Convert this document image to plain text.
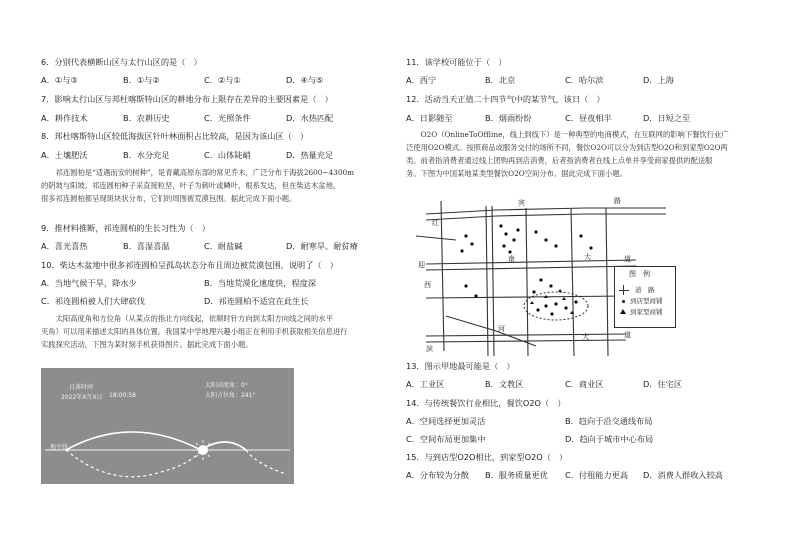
6．分别代表横断山区与太行山区的是（　）
A．①与③	B．①与②	C．②与①	D．④与⑤
7．影响太行山区与邦杜喀斯特山区的耕地分布上限存在差异的主要因素是（　）
A．耕作技术	B．农耕历史	C．光照条件	D．水热匹配
8．邦杜喀斯特山区较低海拔区针叶林面积占比较高，是因为该山区（　）
A．土壤肥沃	B．水分充足	C．山体陡峭	D．热量充足
　　祁连圆柏是“适遇而安的树种”，是青藏高原东部的常见乔木，广泛分布于海拔2600~4300m
的阴坡与阳坡。祁连圆柏种子采直接粒坚，叶子为刺叶或鳞叶，根系发达，但在柴达木盆地，
很多祁连圆柏都呈现斑块状分布，它们的周围被荒漠包围。据此完成下面小题。
9．推材料推断，祁连圆柏的生长习性为（　）
A．喜光喜热	B．喜湿喜温	C．耐盐碱	D．耐寒旱、耐贫瘠
10．柴达木盆地中很多祁连圆柏呈孤岛状态分布且周边被荒漠包围，说明了（　）
A．当地气候干旱，降水少	B．当地荒漠化速度快，程度深
C．祁连圆柏被人们大肆砍伐	D．祁连圆柏不适宜在此生长
　　太阳高度角和方位角（从某点的指北方向线起，依顺时针方向到太阳方向线之间的水平
夹角）可以用来描述太阳的具体位置。我国某中学地理兴趣小组正在利用手机获取相关信息进行
实践探究活动，下图为某时刻手机获得图片。据此完成下面小题。
日落时间
2022年X月X日 18:00:58
太阳高度角：0°
太阳方位角：241°
地平线
11．该学校可能位于（　）
A．西宁	B．北京	C．哈尔滨	D．上海
12．活动当天正值二十四节气中的某节气，该日（　）
A．日影随至	B．烟雨纷纷	C．昼夜相半	D．日短之至
　　O2O（OnlineToOffline，线上到线下）是一种典型的电商模式，在互联网的影响下餐饮行业广
泛使用O2O模式。按照商品或服务交付的场所不同，餐饮O2O可以分为到店型O2O和到家型O2O两
类。前者指消费者通过线上团购再到店消费，后者指消费者在线上点单并享受商家提供的配送服
务。下图为中国某地某类型餐饮O2O空间分布。据此完成下面小题。
红
路
南	大	道
滨
河
大	道
迎
西
宾
图　例
道　路
到店型商铺
到家型商铺
13．图示甲地最可能是（　）
A．工业区	B．文教区	C．商业区	D．住宅区
14．与传统餐饮行业相比，餐饮O2O（　）
A．空间选择更加灵活	B．趋向于沿交通线布局
C．空间布局更加集中	D．趋向于城市中心布局
15．与到店型O2O相比，到家型O2O（　）
A．分布较为分散 B．服务质量更优 C．付租能力更高 D．消费人群收入较高
